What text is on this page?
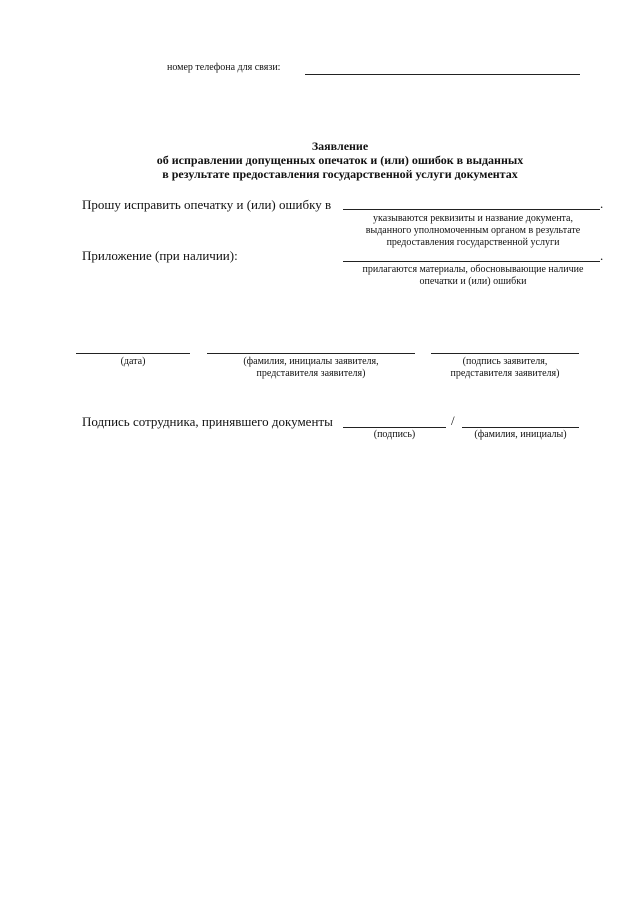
номер телефона для связи:
Заявление
об исправлении допущенных опечаток и (или) ошибок в выданных
в результате предоставления государственной услуги документах
Прошу исправить опечатку и (или) ошибку в	.
указываются реквизиты и название документа,
выданного уполномоченным органом в результате
предоставления государственной услуги
Приложение (при наличии):	.
прилагаются материалы, обосновывающие наличие
опечатки и (или) ошибки
(дата)	(фамилия, инициалы заявителя,
представителя заявителя)
(подпись заявителя,
представителя заявителя)
Подпись сотрудника, принявшего документы	/
(подпись)	(фамилия, инициалы)
